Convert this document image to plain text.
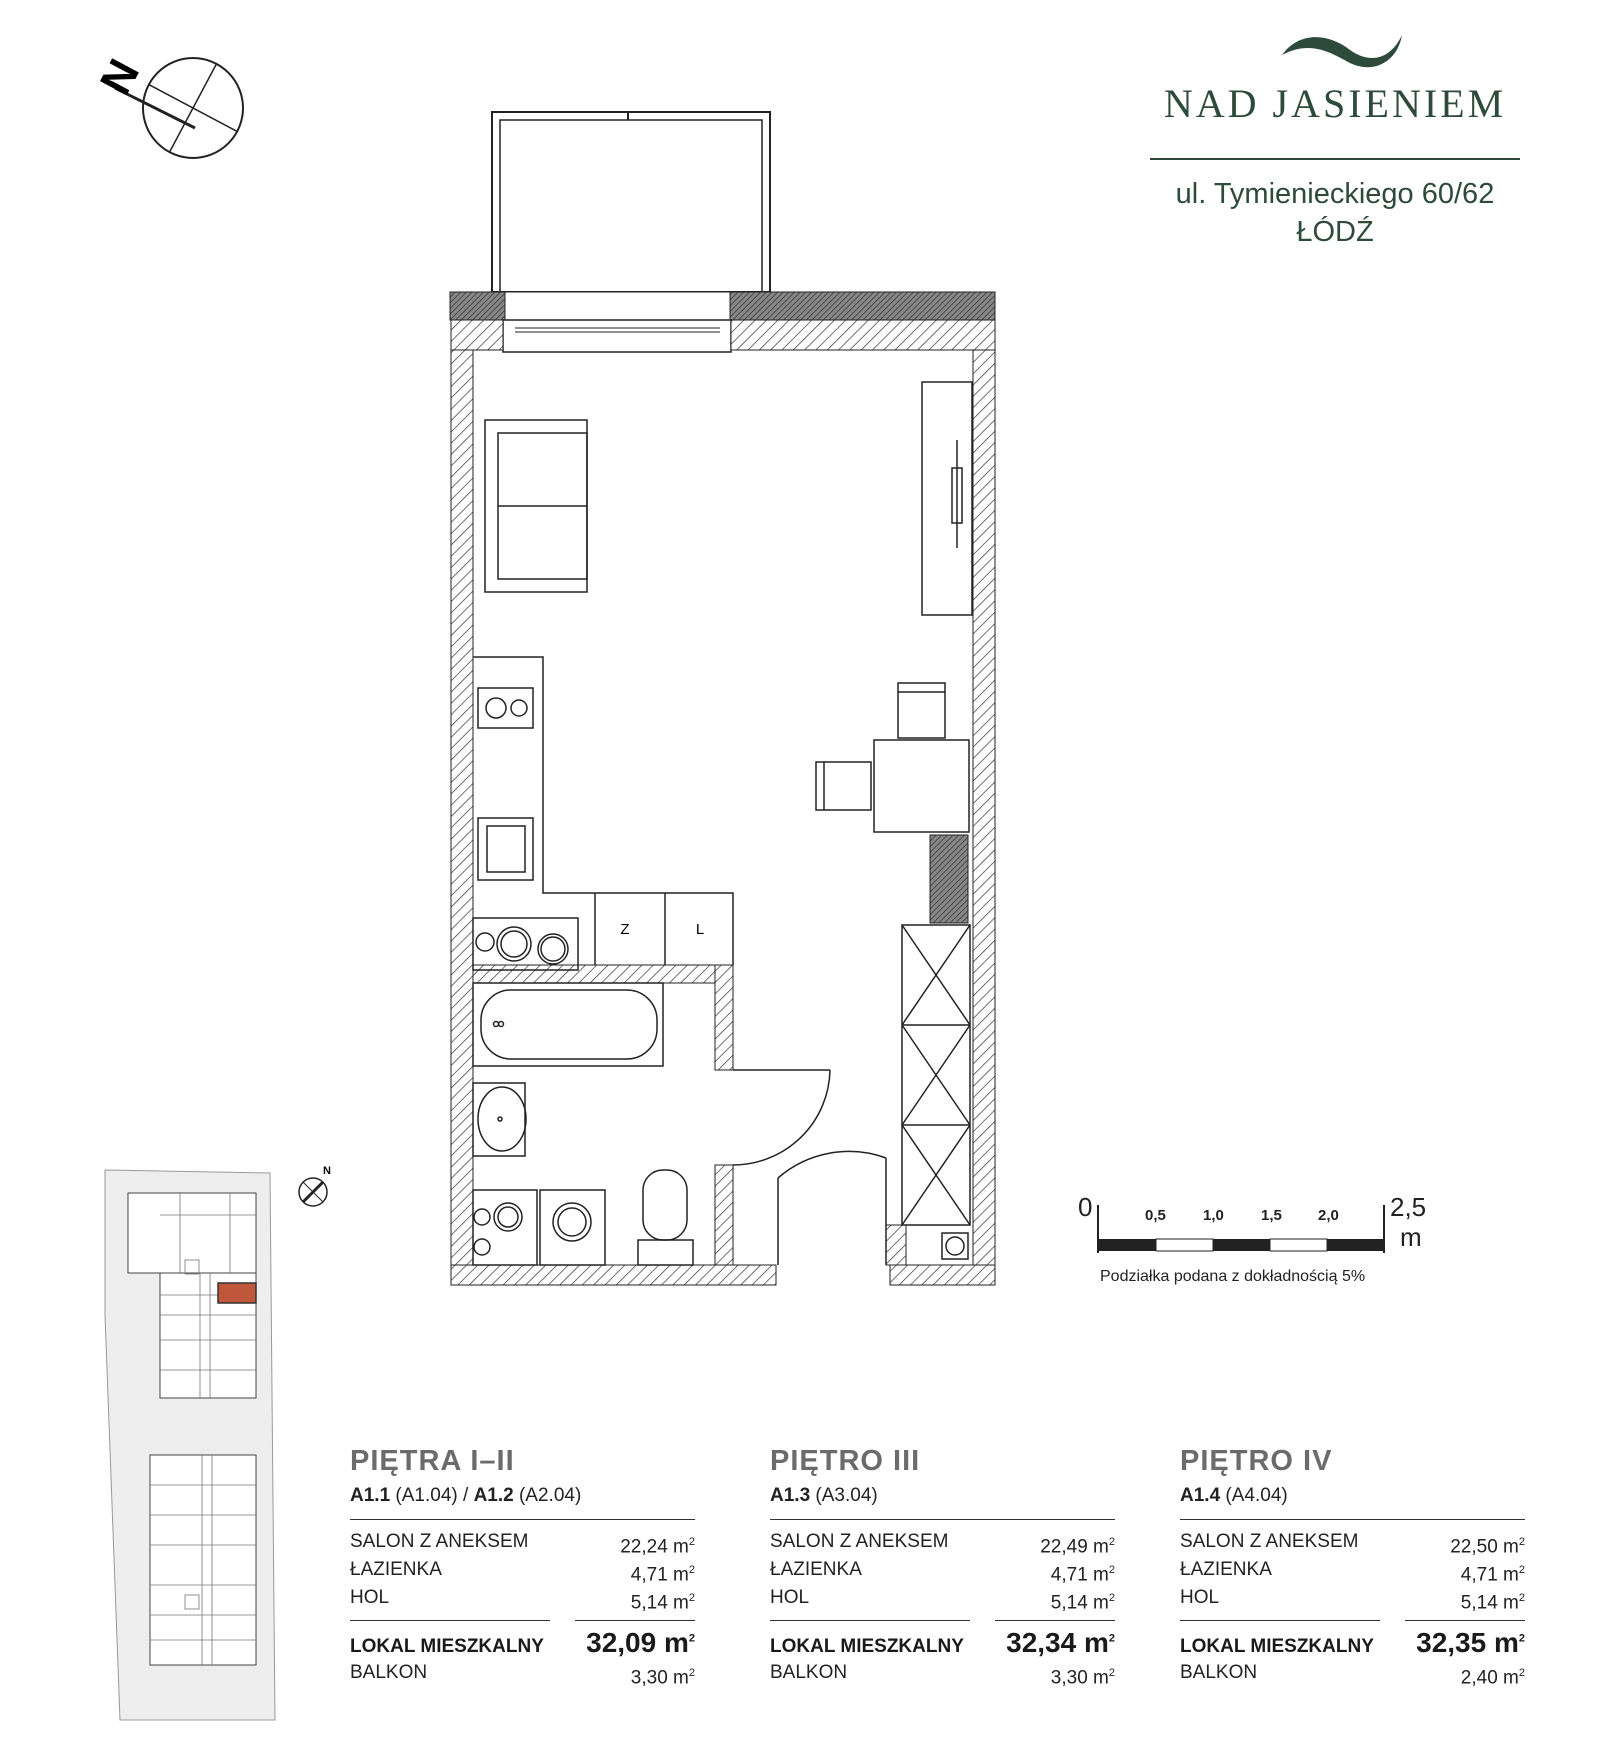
N
NAD JASIENIEM
ul. Tymienieckiego 60/62
ŁÓDŹ
Z	L
0	0,5 1,0 1,5 2,0 2,5
m
Podziałka podana z dokładnością 5%
N
PIĘTRA I–II
A1.1 (A1.04) / A1.2 (A2.04)
SALON Z ANEKSEM	22,24 $m^2$
ŁAZIENKA	4,71 $m^2$
HOL	5,14 $m^2$
LOKAL MIESZKALNY 32,09 $m^2$
BALKON	3,30 $m^2$
PIĘTRO III
A1.3 (A3.04)
SALON Z ANEKSEM	22,49 $m^2$
ŁAZIENKA	4,71 $m^2$
HOL	5,14 $m^2$
LOKAL MIESZKALNY 32,34 $m^2$
BALKON	3,30 $m^2$
PIĘTRO IV
A1.4 (A4.04)
SALON Z ANEKSEM	22,50 $m^2$
ŁAZIENKA	4,71 $m^2$
HOL	5,14 $m^2$
LOKAL MIESZKALNY 32,35 $m^2$
BALKON	2,40 $m^2$
